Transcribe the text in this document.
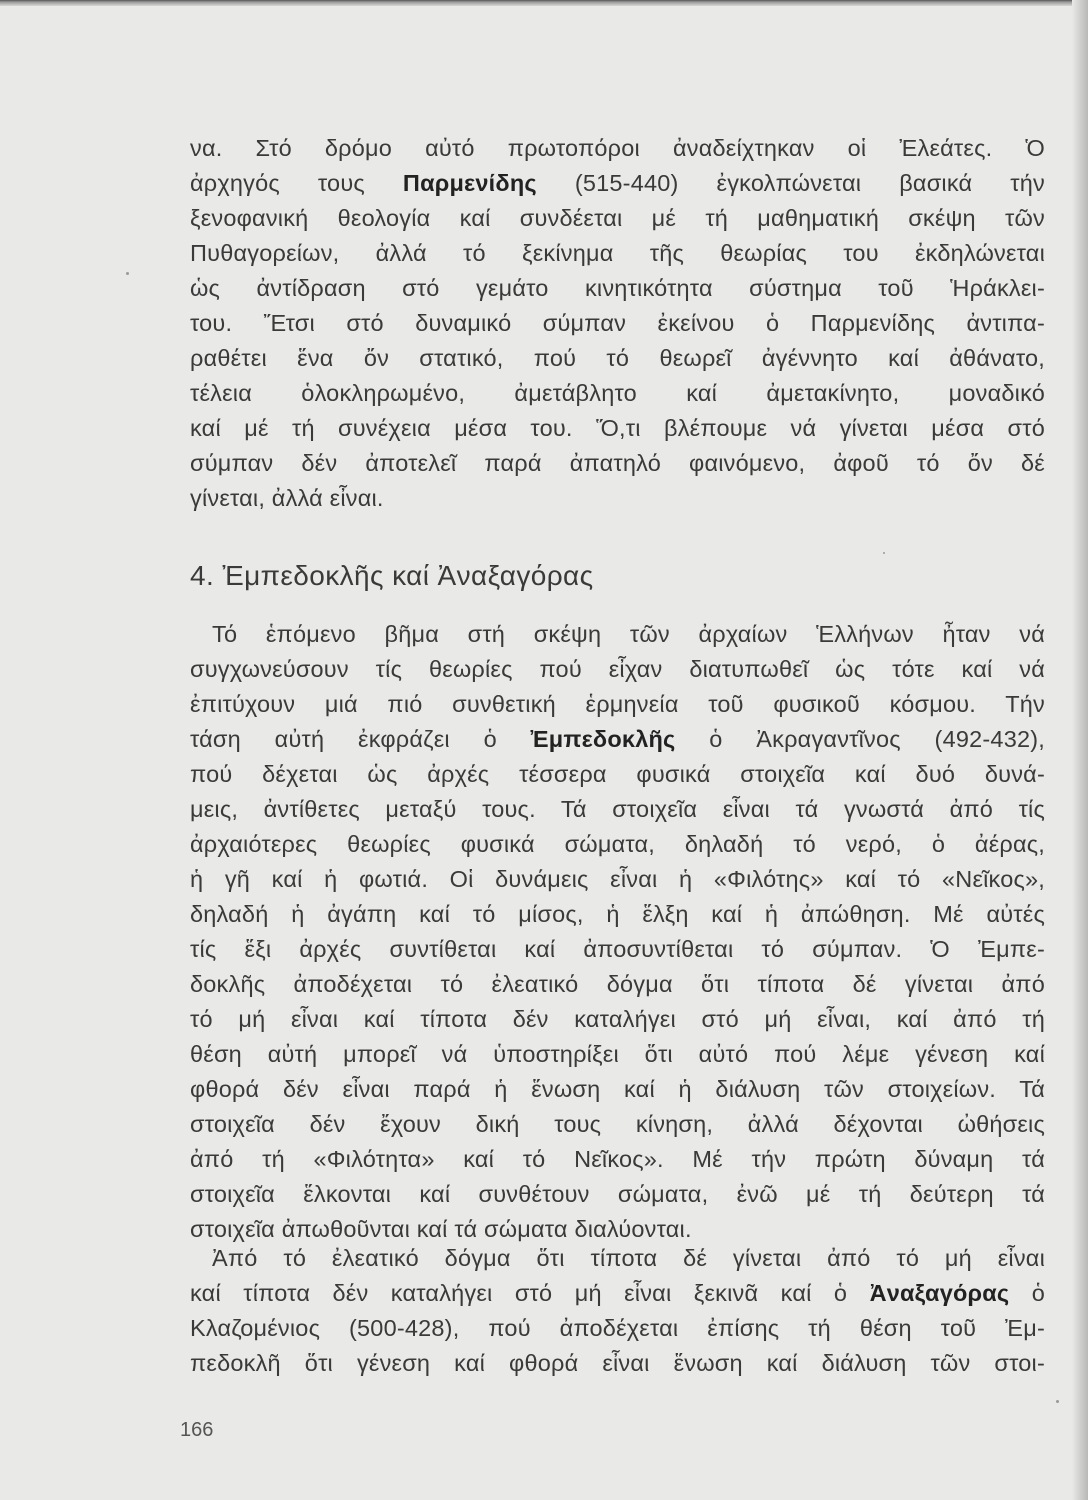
να. Στό δρόμο αὐτό πρωτοπόροι ἀναδείχτηκαν οἱ Ἐλεάτες. Ὁ
ἀρχηγός τους Παρμενίδης (515-440) ἐγκολπώνεται βασικά τήν
ξενοφανική θεολογία καί συνδέεται μέ τή μαθηματική σκέψη τῶν
Πυθαγορείων, ἀλλά τό ξεκίνημα τῆς θεωρίας του ἐκδηλώνεται
ὡς ἀντίδραση στό γεμάτο κινητικότητα σύστημα τοῦ Ἡράκλει-
του. Ἔτσι στό δυναμικό σύμπαν ἐκείνου ὁ Παρμενίδης ἀντιπα-
ραθέτει ἕνα ὄν στατικό, πού τό θεωρεῖ ἀγέννητο καί ἀθάνατο,
τέλεια ὁλοκληρωμένο, ἀμετάβλητο καί ἀμετακίνητο, μοναδικό
καί μέ τή συνέχεια μέσα του. Ὅ,τι βλέπουμε νά γίνεται μέσα στό
σύμπαν δέν ἀποτελεῖ παρά ἀπατηλό φαινόμενο, ἀφοῦ τό ὄν δέ
γίνεται, ἀλλά εἶναι.
4. Ἐμπεδοκλῆς καί Ἀναξαγόρας
Τό ἑπόμενο βῆμα στή σκέψη τῶν ἀρχαίων Ἑλλήνων ἦταν νά
συγχωνεύσουν τίς θεωρίες πού εἶχαν διατυπωθεῖ ὡς τότε καί νά
ἐπιτύχουν μιά πιό συνθετική ἑρμηνεία τοῦ φυσικοῦ κόσμου. Τήν
τάση αὐτή ἐκφράζει ὁ Ἐμπεδοκλῆς ὁ Ἀκραγαντῖνος (492-432),
πού δέχεται ὡς ἀρχές τέσσερα φυσικά στοιχεῖα καί δυό δυνά-
μεις, ἀντίθετες μεταξύ τους. Τά στοιχεῖα εἶναι τά γνωστά ἀπό τίς
ἀρχαιότερες θεωρίες φυσικά σώματα, δηλαδή τό νερό, ὁ ἀέρας,
ἡ γῆ καί ἡ φωτιά. Οἱ δυνάμεις εἶναι ἡ «Φιλότης» καί τό «Νεῖκος»,
δηλαδή ἡ ἀγάπη καί τό μίσος, ἡ ἕλξη καί ἡ ἀπώθηση. Μέ αὐτές
τίς ἕξι ἀρχές συντίθεται καί ἀποσυντίθεται τό σύμπαν. Ὁ Ἐμπε-
δοκλῆς ἀποδέχεται τό ἐλεατικό δόγμα ὅτι τίποτα δέ γίνεται ἀπό
τό μή εἶναι καί τίποτα δέν καταλήγει στό μή εἶναι, καί ἀπό τή
θέση αὐτή μπορεῖ νά ὑποστηρίξει ὅτι αὐτό πού λέμε γένεση καί
φθορά δέν εἶναι παρά ἡ ἕνωση καί ἡ διάλυση τῶν στοιχείων. Τά
στοιχεῖα δέν ἔχουν δική τους κίνηση, ἀλλά δέχονται ὠθήσεις
ἀπό τή «Φιλότητα» καί τό Νεῖκος». Μέ τήν πρώτη δύναμη τά
στοιχεῖα ἕλκονται καί συνθέτουν σώματα, ἐνῶ μέ τή δεύτερη τά
στοιχεῖα ἀπωθοῦνται καί τά σώματα διαλύονται.
Ἀπό τό ἐλεατικό δόγμα ὅτι τίποτα δέ γίνεται ἀπό τό μή εἶναι
καί τίποτα δέν καταλήγει στό μή εἶναι ξεκινᾶ καί ὁ Ἀναξαγόρας ὁ
Κλαζομένιος (500-428), πού ἀποδέχεται ἐπίσης τή θέση τοῦ Ἐμ-
πεδοκλῆ ὅτι γένεση καί φθορά εἶναι ἕνωση καί διάλυση τῶν στοι-
166
